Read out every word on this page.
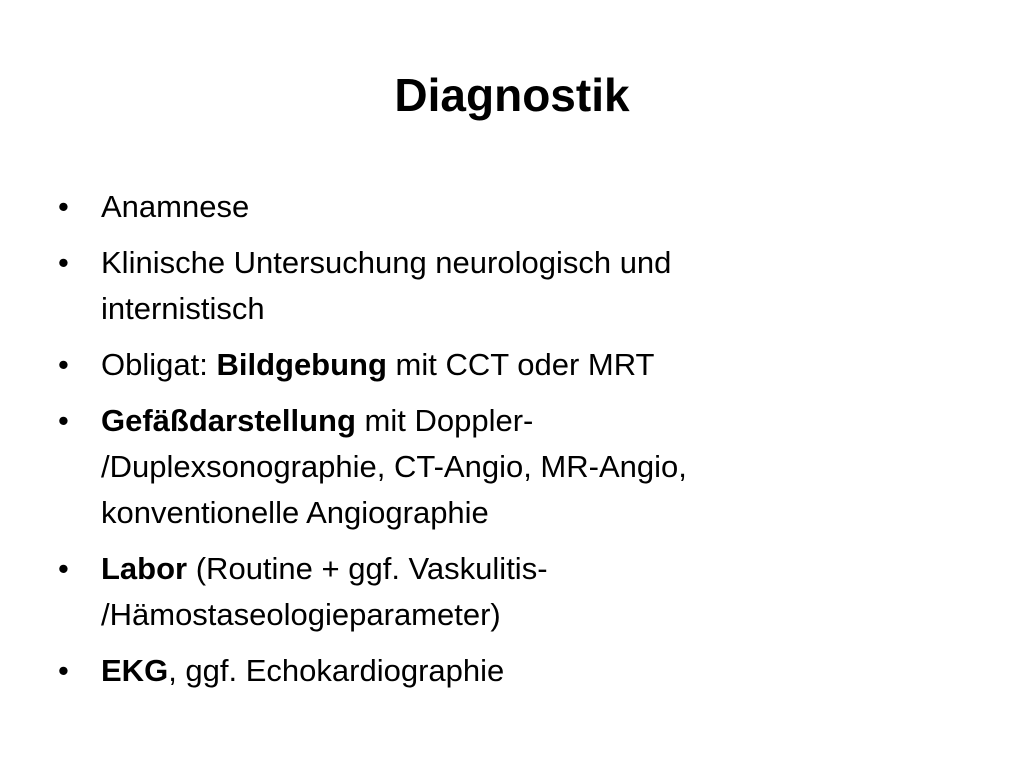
Diagnostik
•	Anamnese
•	Klinische Untersuchung neurologisch und
internistisch
•	Obligat: Bildgebung mit CCT oder MRT
•	Gefäßdarstellung mit Doppler-
/Duplexsonographie, CT-Angio, MR-Angio,
konventionelle Angiographie
•	Labor (Routine + ggf. Vaskulitis-
/Hämostaseologieparameter)
•	EKG, ggf. Echokardiographie
